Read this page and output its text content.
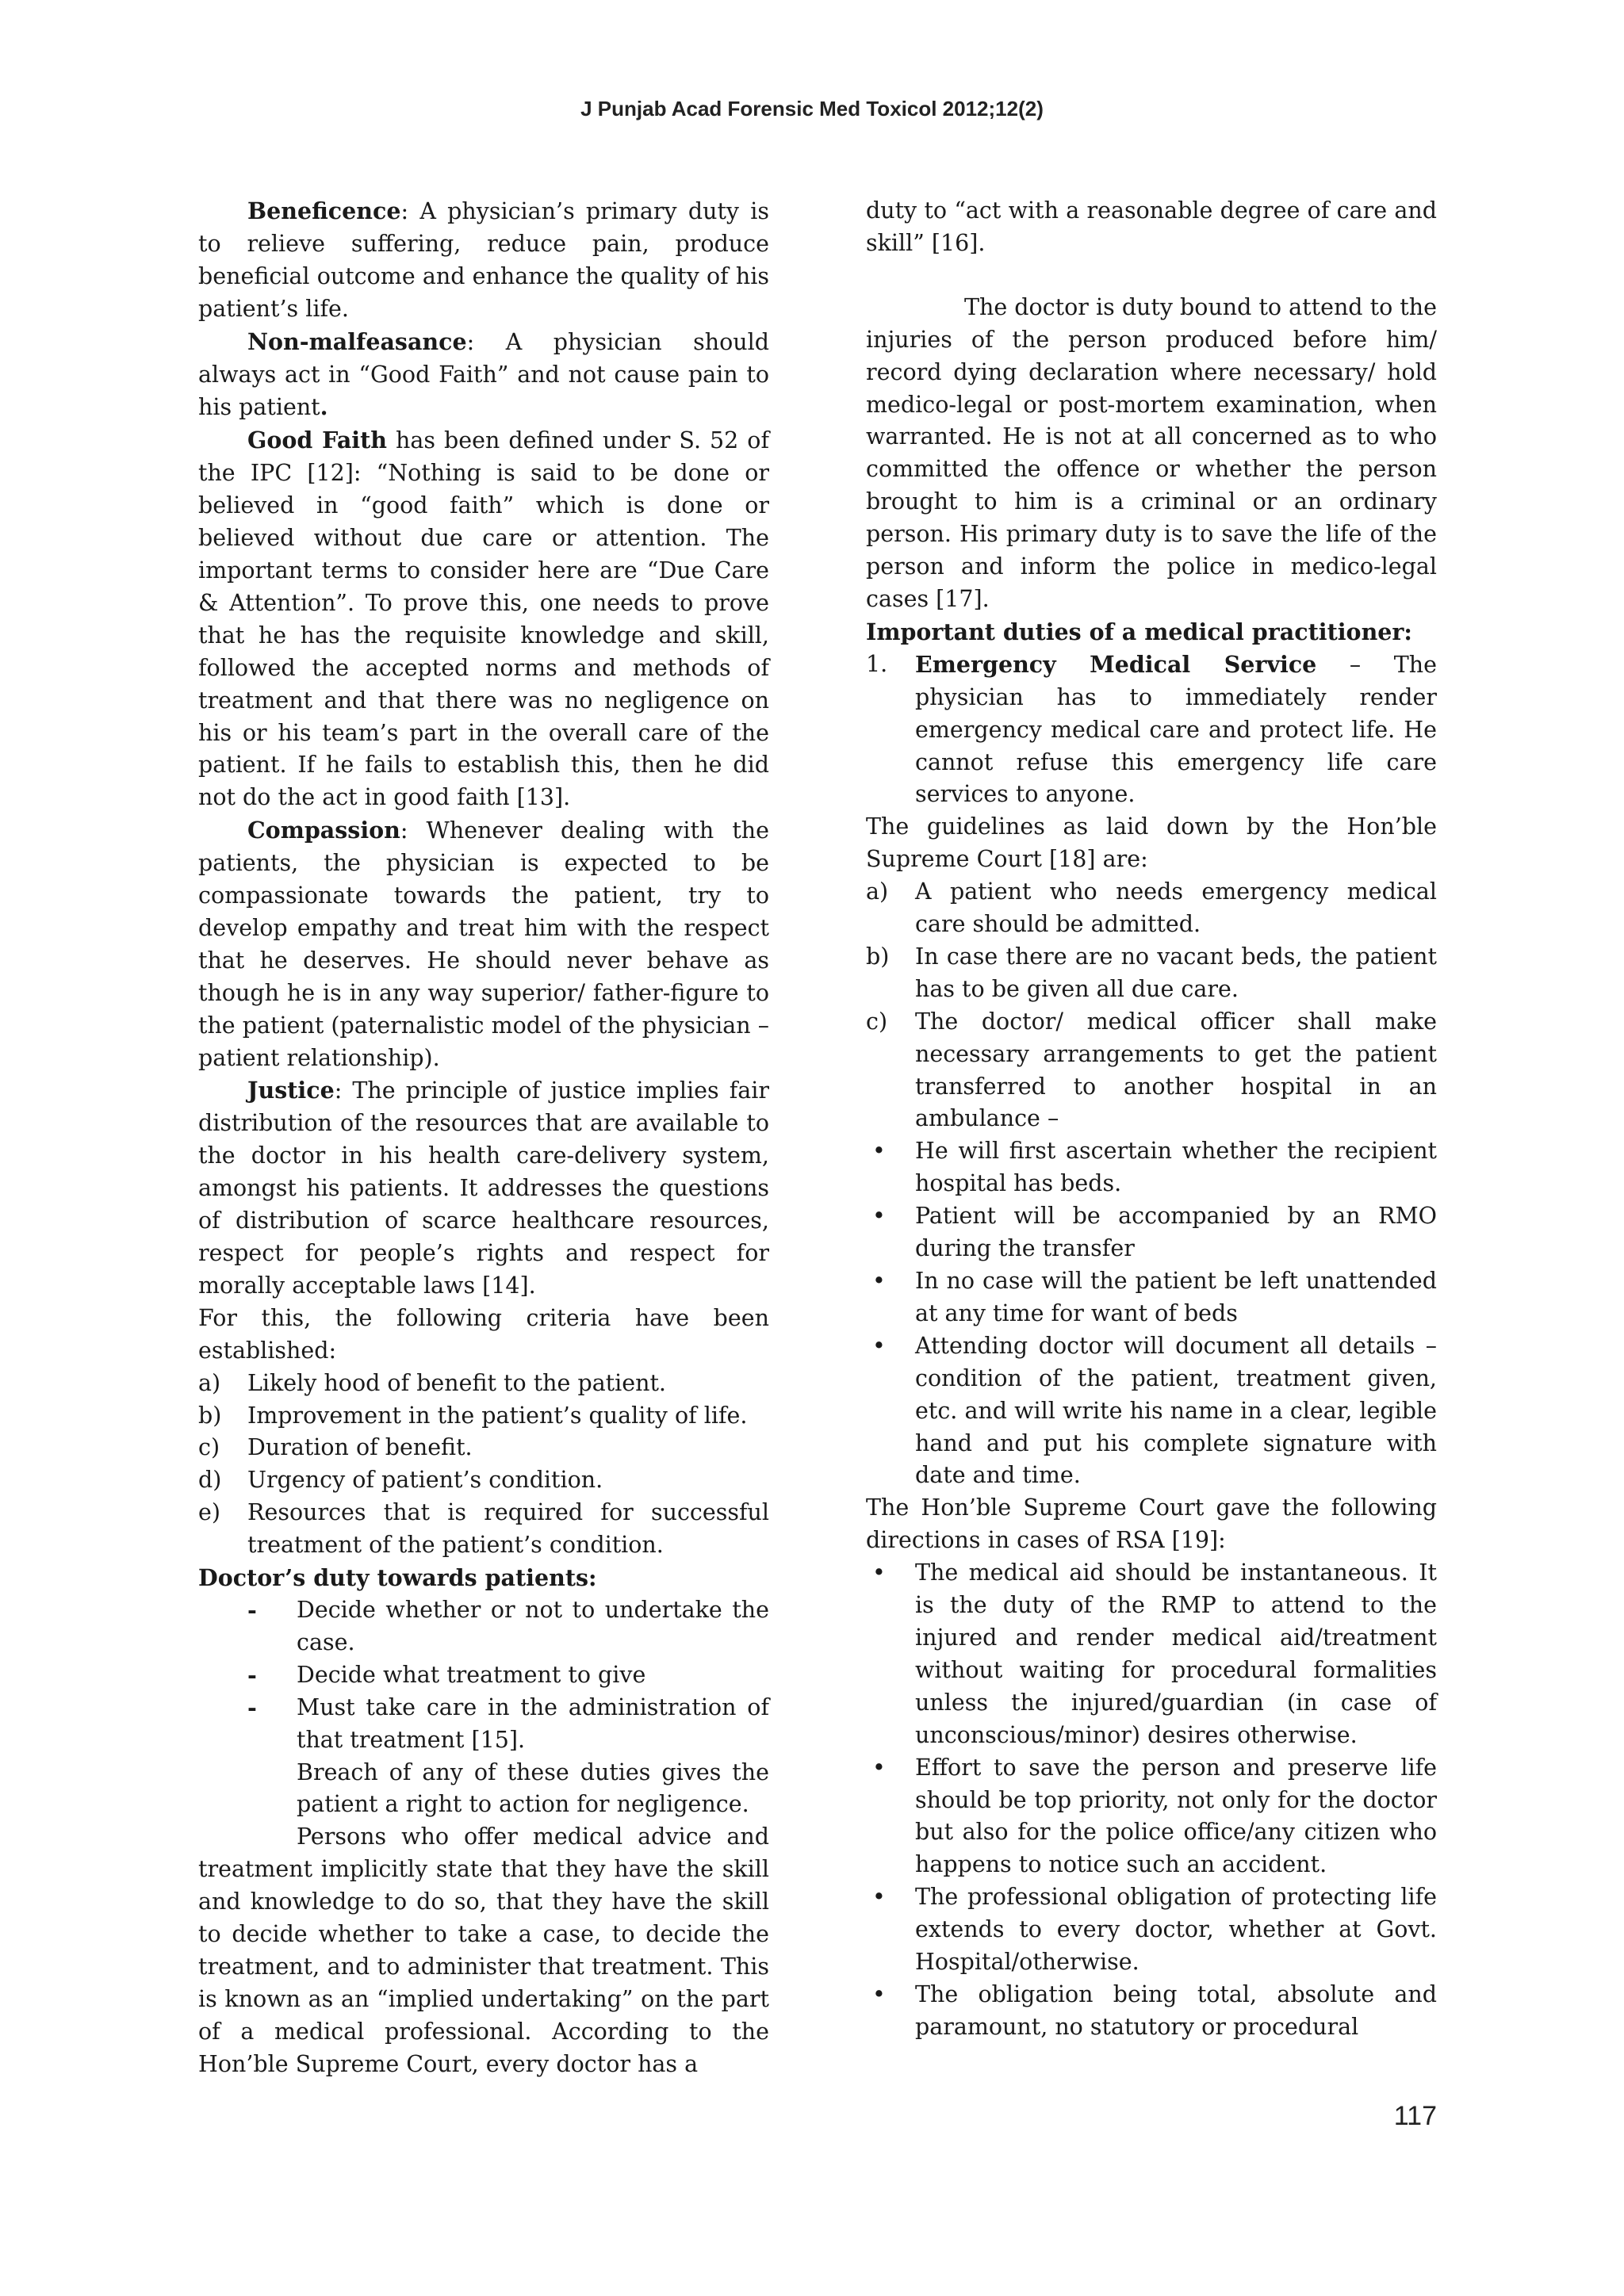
J Punjab Acad Forensic Med Toxicol 2012;12(2)

Beneficence: A physician’s primary duty is to relieve suffering, reduce pain, produce beneficial outcome and enhance the quality of his patient’s life.

Non-malfeasance: A physician should always act in “Good Faith” and not cause pain to his patient.

Good Faith has been defined under S. 52 of the IPC [12]: “Nothing is said to be done or believed in “good faith” which is done or believed without due care or attention. The important terms to consider here are “Due Care & Attention”. To prove this, one needs to prove that he has the requisite knowledge and skill, followed the accepted norms and methods of treatment and that there was no negligence on his or his team’s part in the overall care of the patient. If he fails to establish this, then he did not do the act in good faith [13].

Compassion: Whenever dealing with the patients, the physician is expected to be compassionate towards the patient, try to develop empathy and treat him with the respect that he deserves. He should never behave as though he is in any way superior/ father-figure to the patient (paternalistic model of the physician – patient relationship).

Justice: The principle of justice implies fair distribution of the resources that are available to the doctor in his health care-delivery system, amongst his patients. It addresses the questions of distribution of scarce healthcare resources, respect for people’s rights and respect for morally acceptable laws [14].

For this, the following criteria have been established:

a)	Likely hood of benefit to the patient.
b)	Improvement in the patient’s quality of life.
c)	Duration of benefit.
d)	Urgency of patient’s condition.
e)	Resources that is required for successful treatment of the patient’s condition.

Doctor’s duty towards patients:

-	Decide whether or not to undertake the case.
-	Decide what treatment to give
-	Must take care in the administration of that treatment [15].

Breach of any of these duties gives the patient a right to action for negligence.

Persons who offer medical advice and treatment implicitly state that they have the skill and knowledge to do so, that they have the skill to decide whether to take a case, to decide the treatment, and to administer that treatment. This is known as an “implied undertaking” on the part of a medical professional. According to the Hon’ble Supreme Court, every doctor has a

duty to “act with a reasonable degree of care and skill” [16].

The doctor is duty bound to attend to the injuries of the person produced before him/ record dying declaration where necessary/ hold medico-legal or post-mortem examination, when warranted. He is not at all concerned as to who committed the offence or whether the person brought to him is a criminal or an ordinary person. His primary duty is to save the life of the person and inform the police in medico-legal cases [17].

Important duties of a medical practitioner:

1.	Emergency Medical Service – The physician has to immediately render emergency medical care and protect life. He cannot refuse this emergency life care services to anyone.

The guidelines as laid down by the Hon’ble Supreme Court [18] are:

a)	A patient who needs emergency medical care should be admitted.
b)	In case there are no vacant beds, the patient has to be given all due care.
c)	The doctor/ medical officer shall make necessary arrangements to get the patient transferred to another hospital in an ambulance –
•	He will first ascertain whether the recipient hospital has beds.
•	Patient will be accompanied by an RMO during the transfer
•	In no case will the patient be left unattended at any time for want of beds
•	Attending doctor will document all details – condition of the patient, treatment given, etc. and will write his name in a clear, legible hand and put his complete signature with date and time.

The Hon’ble Supreme Court gave the following directions in cases of RSA [19]:

•	The medical aid should be instantaneous. It is the duty of the RMP to attend to the injured and render medical aid/treatment without waiting for procedural formalities unless the injured/guardian (in case of unconscious/minor) desires otherwise.
•	Effort to save the person and preserve life should be top priority, not only for the doctor but also for the police office/any citizen who happens to notice such an accident.
•	The professional obligation of protecting life extends to every doctor, whether at Govt. Hospital/otherwise.
•	The obligation being total, absolute and paramount, no statutory or procedural
117
